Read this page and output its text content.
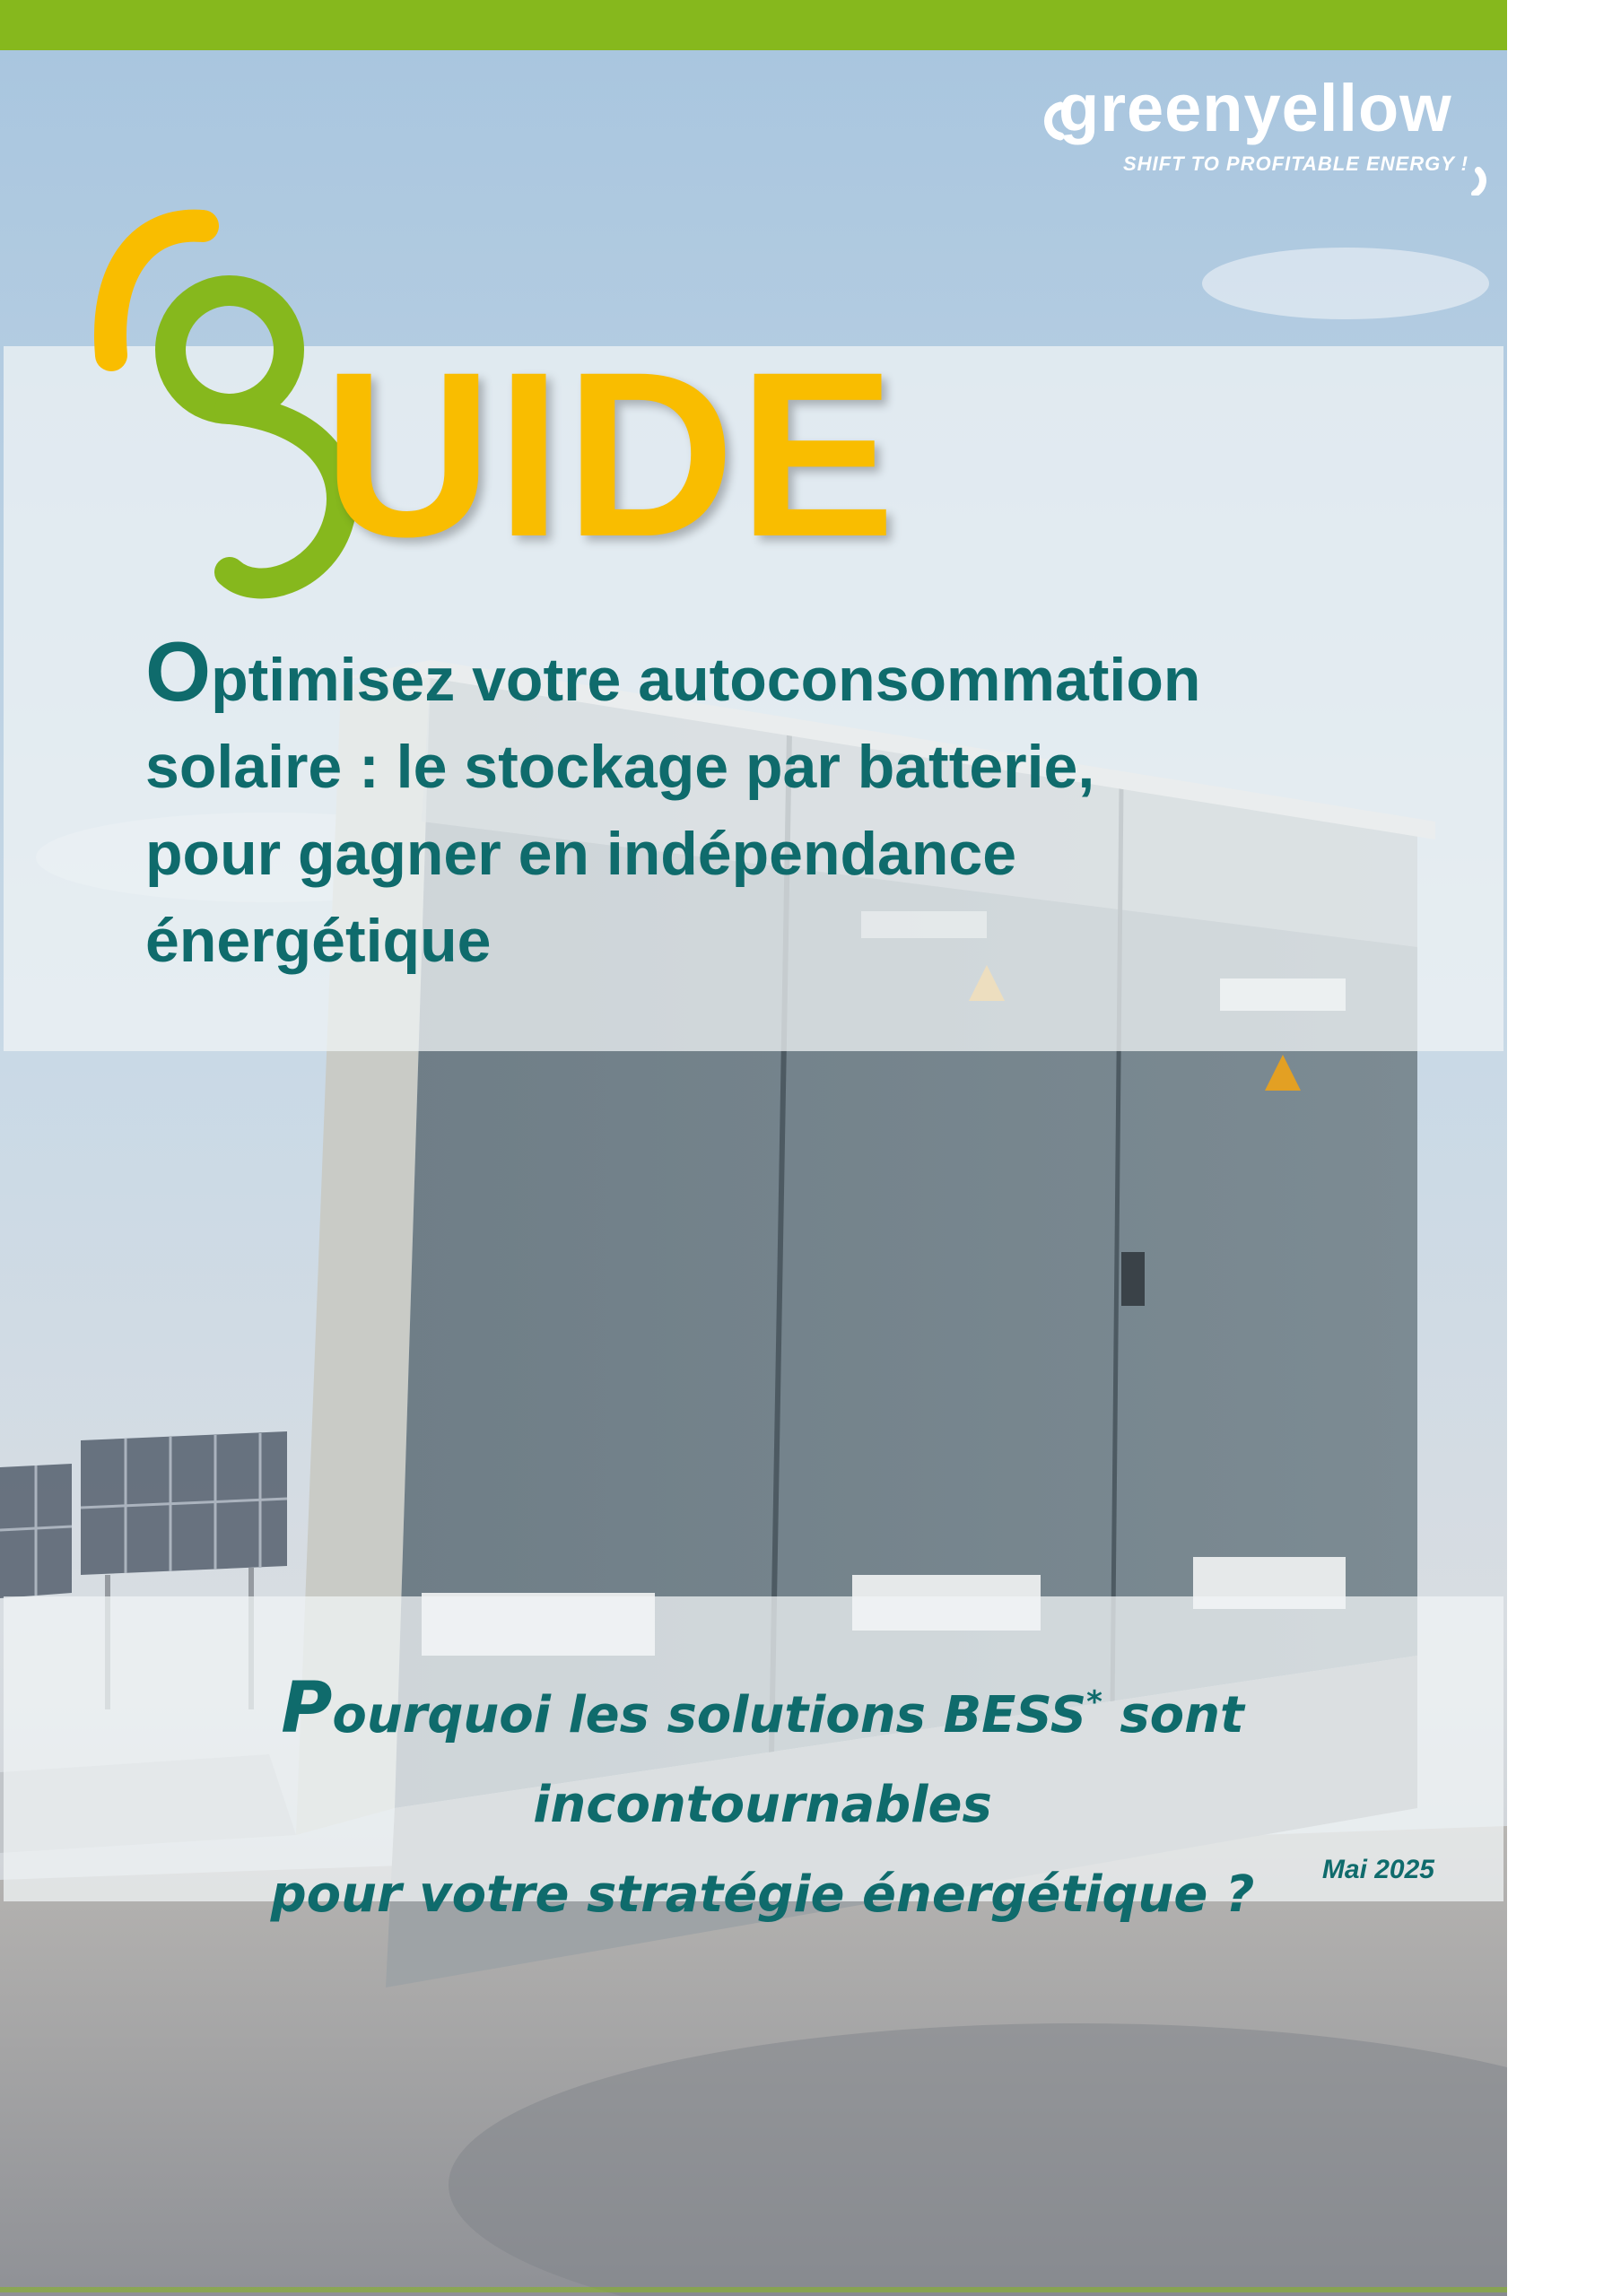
greenyellow
SHIFT TO PROFITABLE ENERGY !
UIDE
Optimisez votre autoconsommation
solaire : le stockage par batterie,
pour gagner en indépendance
énergétique
Pourquoi les solutions BESS* sont incontournables
pour votre stratégie énergétique ?	Mai 2025
